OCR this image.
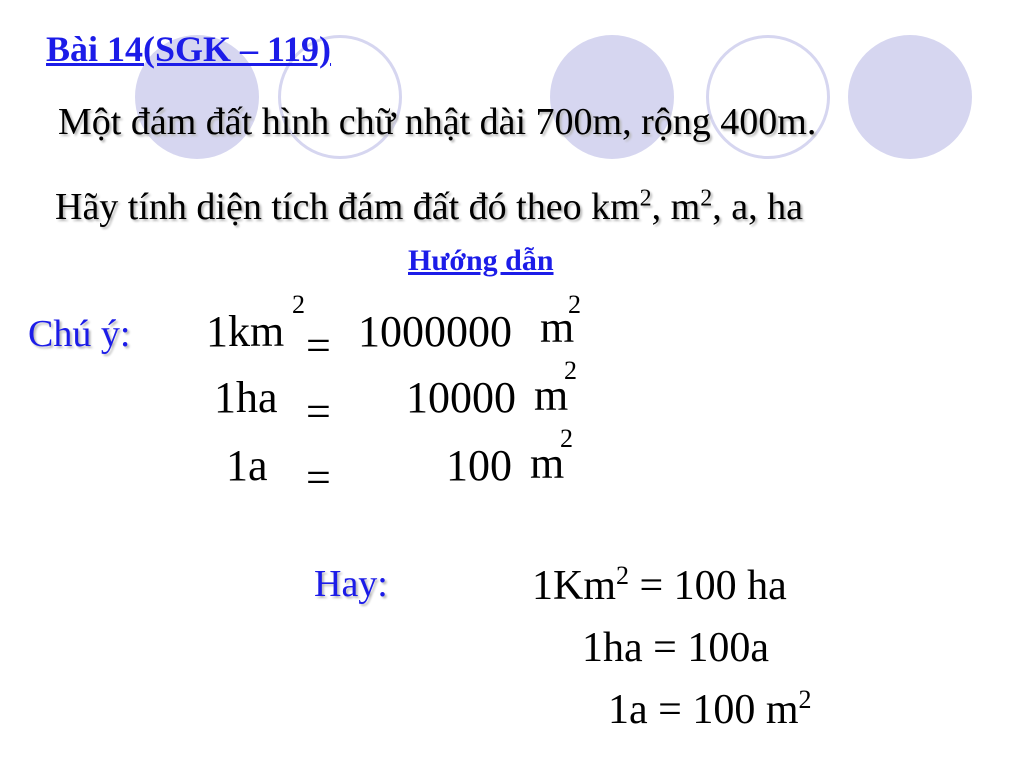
Bài 14(SGK – 119)
Một đám đất hình chữ nhật dài 700m, rộng 400m.
Hãy tính diện tích đám đất đó theo $km^2$, $m^2$, a, ha
Hướng dẫn
Chú ý: 1km
2
= 1000000 m
2
1ha = 10000 m
2
1a =	100 m
2
Hay:	$1Km^2 = 100$ ha
1ha = 100a
1a = 100 $m^2$
